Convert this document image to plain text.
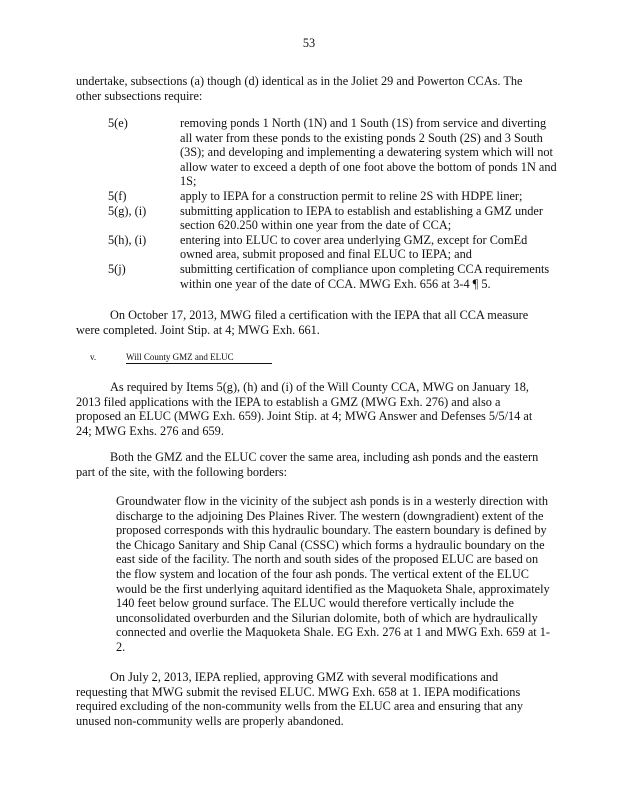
53

undertake, subsections (a) though (d) identical as in the Joliet 29 and Powerton CCAs. The other subsections require:

5(e)	removing ponds 1 North (1N) and 1 South (1S) from service and diverting all water from these ponds to the existing ponds 2 South (2S) and 3 South (3S); and developing and implementing a dewatering system which will not allow water to exceed a depth of one foot above the bottom of ponds 1N and 1S;
5(f)	apply to IEPA for a construction permit to reline 2S with HDPE liner;
5(g), (i)	submitting application to IEPA to establish and establishing a GMZ under section 620.250 within one year from the date of CCA;
5(h), (i)	entering into ELUC to cover area underlying GMZ, except for ComEd owned area, submit proposed and final ELUC to IEPA; and
5(j)	submitting certification of compliance upon completing CCA requirements within one year of the date of CCA. MWG Exh. 656 at 3-4 ¶ 5.

On October 17, 2013, MWG filed a certification with the IEPA that all CCA measure were completed. Joint Stip. at 4; MWG Exh. 661.

v.	Will County GMZ and ELUC

As required by Items 5(g), (h) and (i) of the Will County CCA, MWG on January 18, 2013 filed applications with the IEPA to establish a GMZ (MWG Exh. 276) and also a proposed an ELUC (MWG Exh. 659). Joint Stip. at 4; MWG Answer and Defenses 5/5/14 at 24; MWG Exhs. 276 and 659.

Both the GMZ and the ELUC cover the same area, including ash ponds and the eastern part of the site, with the following borders:

Groundwater flow in the vicinity of the subject ash ponds is in a westerly direction with discharge to the adjoining Des Plaines River. The western (downgradient) extent of the proposed corresponds with this hydraulic boundary. The eastern boundary is defined by the Chicago Sanitary and Ship Canal (CSSC) which forms a hydraulic boundary on the east side of the facility. The north and south sides of the proposed ELUC are based on the flow system and location of the four ash ponds. The vertical extent of the ELUC would be the first underlying aquitard identified as the Maquoketa Shale, approximately 140 feet below ground surface. The ELUC would therefore vertically include the unconsolidated overburden and the Silurian dolomite, both of which are hydraulically connected and overlie the Maquoketa Shale. EG Exh. 276 at 1 and MWG Exh. 659 at 1-2.

On July 2, 2013, IEPA replied, approving GMZ with several modifications and requesting that MWG submit the revised ELUC. MWG Exh. 658 at 1. IEPA modifications required excluding of the non-community wells from the ELUC area and ensuring that any unused non-community wells are properly abandoned.
